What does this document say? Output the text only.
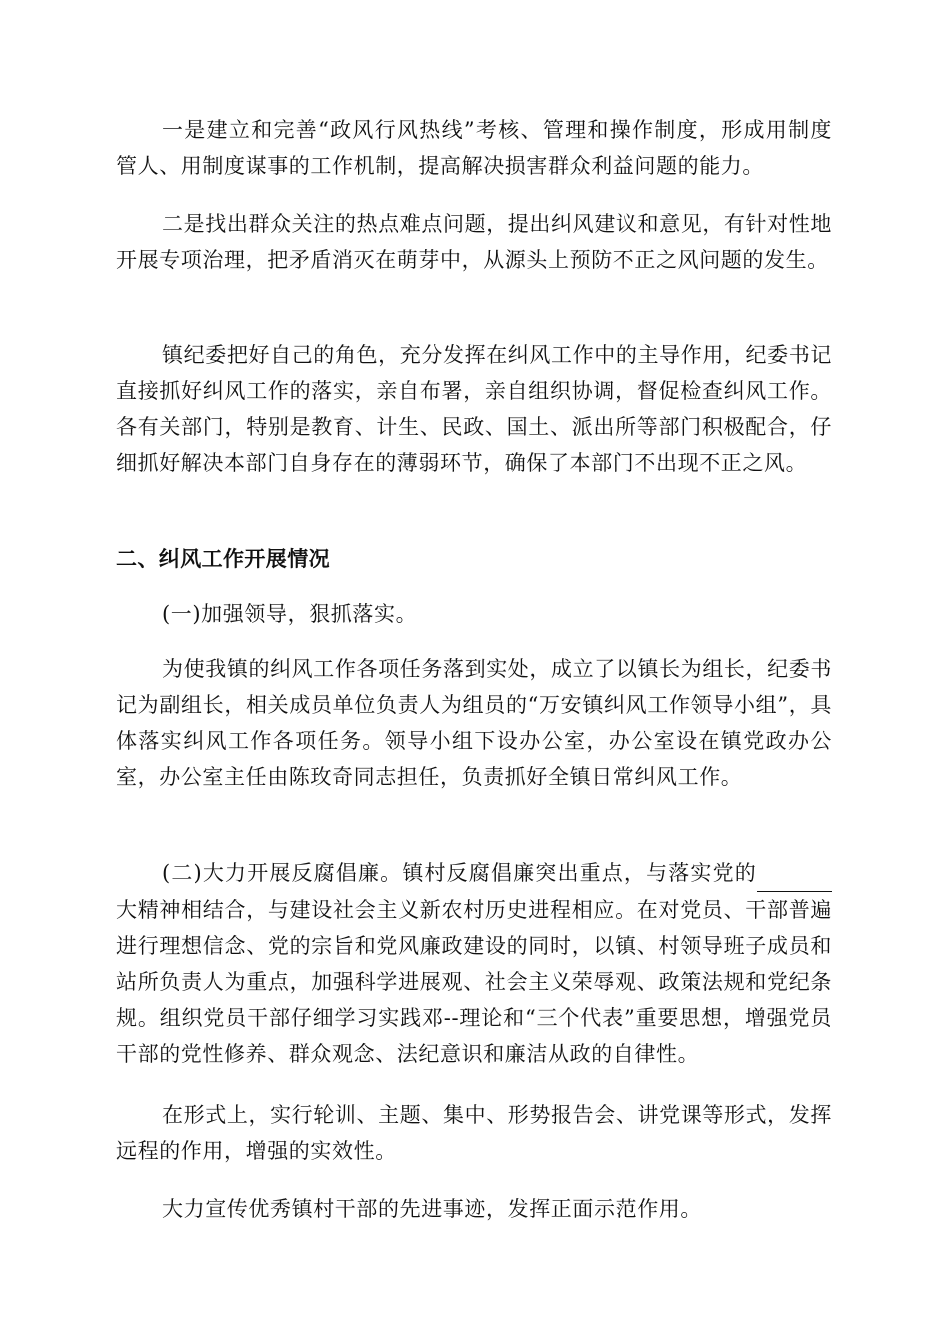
一是建立和完善“政风行风热线”考核、管理和操作制度，形成用制度管人、用制度谋事的工作机制，提高解决损害群众利益问题的能力。

二是找出群众关注的热点难点问题，提出纠风建议和意见，有针对性地开展专项治理，把矛盾消灭在萌芽中，从源头上预防不正之风问题的发生。

镇纪委把好自己的角色，充分发挥在纠风工作中的主导作用，纪委书记直接抓好纠风工作的落实，亲自布署，亲自组织协调，督促检查纠风工作。各有关部门，特别是教育、计生、民政、国土、派出所等部门积极配合，仔细抓好解决本部门自身存在的薄弱环节，确保了本部门不出现不正之风。

二、纠风工作开展情况

(一)加强领导，狠抓落实。

为使我镇的纠风工作各项任务落到实处，成立了以镇长为组长，纪委书记为副组长，相关成员单位负责人为组员的“万安镇纠风工作领导小组”，具体落实纠风工作各项任务。领导小组下设办公室，办公室设在镇党政办公室，办公室主任由陈玫奇同志担任，负责抓好全镇日常纠风工作。

(二)大力开展反腐倡廉。镇村反腐倡廉突出重点，与落实党的    大精神相结合，与建设社会主义新农村历史进程相应。在对党员、干部普遍进行理想信念、党的宗旨和党风廉政建设的同时，以镇、村领导班子成员和站所负责人为重点，加强科学进展观、社会主义荣辱观、政策法规和党纪条规。组织党员干部仔细学习实践邓--理论和“三个代表”重要思想，增强党员干部的党性修养、群众观念、法纪意识和廉洁从政的自律性。

在形式上，实行轮训、主题、集中、形势报告会、讲党课等形式，发挥远程的作用，增强的实效性。

大力宣传优秀镇村干部的先进事迹，发挥正面示范作用。
